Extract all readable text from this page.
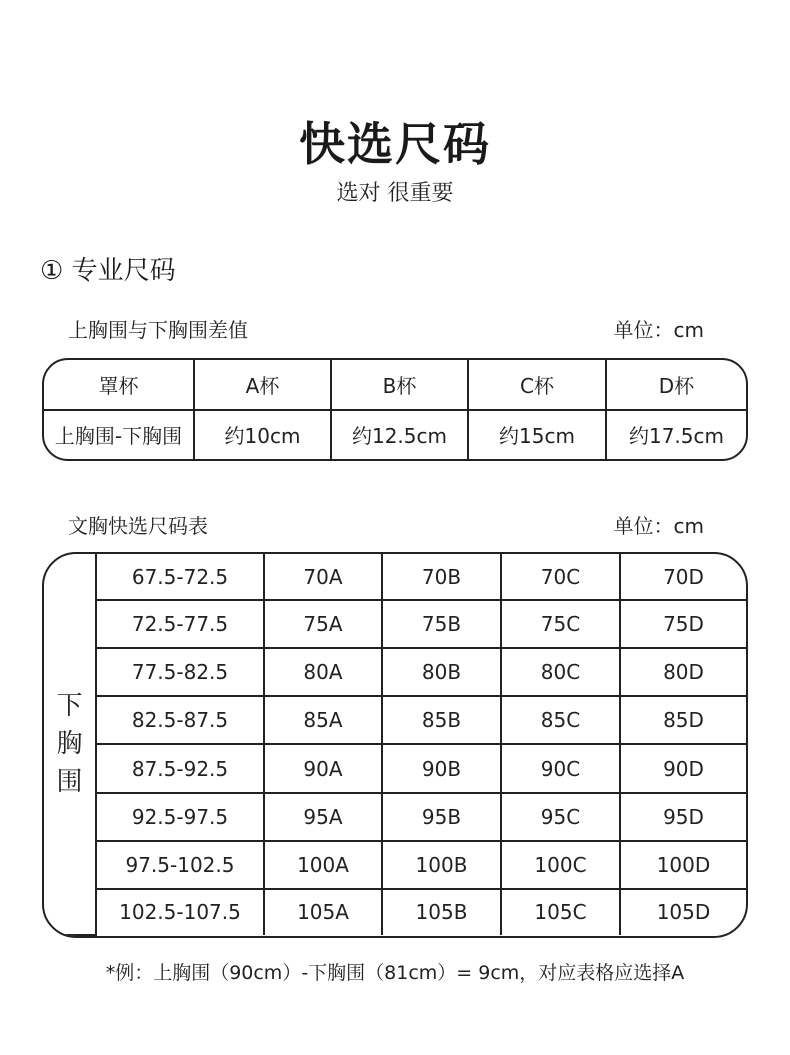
快选尺码
选对 很重要
① 专业尺码
上胸围与下胸围差值	单位：cm
罩杯	A杯	B杯	C杯	D杯
上胸围-下胸围	约10cm	约12.5cm	约15cm	约17.5cm
文胸快选尺码表	单位：cm
下
胸
围	67.5-72.5	70A	70B	70C	70D
	72.5-77.5	75A	75B	75C	75D
	77.5-82.5	80A	80B	80C	80D
	82.5-87.5	85A	85B	85C	85D
	87.5-92.5	90A	90B	90C	90D
	92.5-97.5	95A	95B	95C	95D
	97.5-102.5	100A	100B	100C	100D
	102.5-107.5	105A	105B	105C	105D
*例：上胸围（90cm）-下胸围（81cm）= 9cm，对应表格应选择A
